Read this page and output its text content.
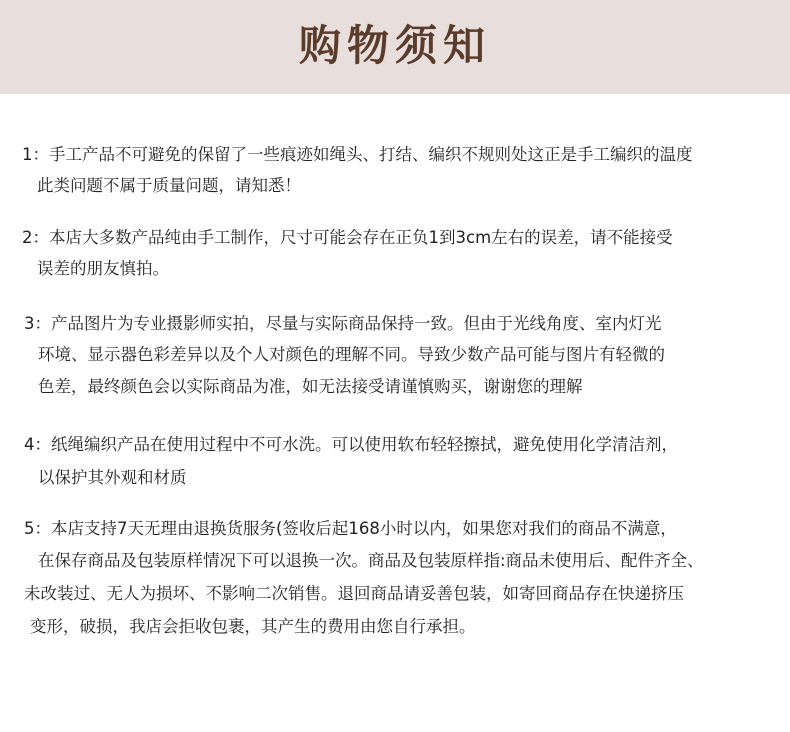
购物须知
1：手工产品不可避免的保留了一些痕迹如绳头、打结、编织不规则处这正是手工编织的温度
此类问题不属于质量问题，请知悉！
2：本店大多数产品纯由手工制作，尺寸可能会存在正负1到3cm左右的误差，请不能接受
误差的朋友慎拍。
3：产品图片为专业摄影师实拍，尽量与实际商品保持一致。但由于光线角度、室内灯光
环境、显示器色彩差异以及个人对颜色的理解不同。导致少数产品可能与图片有轻微的
色差，最终颜色会以实际商品为准，如无法接受请谨慎购买，谢谢您的理解
4：纸绳编织产品在使用过程中不可水洗。可以使用软布轻轻擦拭，避免使用化学清洁剂，
以保护其外观和材质
5：本店支持7天无理由退换货服务(签收后起168小时以内，如果您对我们的商品不满意，
在保存商品及包装原样情况下可以退换一次。商品及包装原样指:商品未使用后、配件齐全、
未改装过、无人为损坏、不影响二次销售。退回商品请妥善包装，如寄回商品存在快递挤压
变形，破损，我店会拒收包裹，其产生的费用由您自行承担。
